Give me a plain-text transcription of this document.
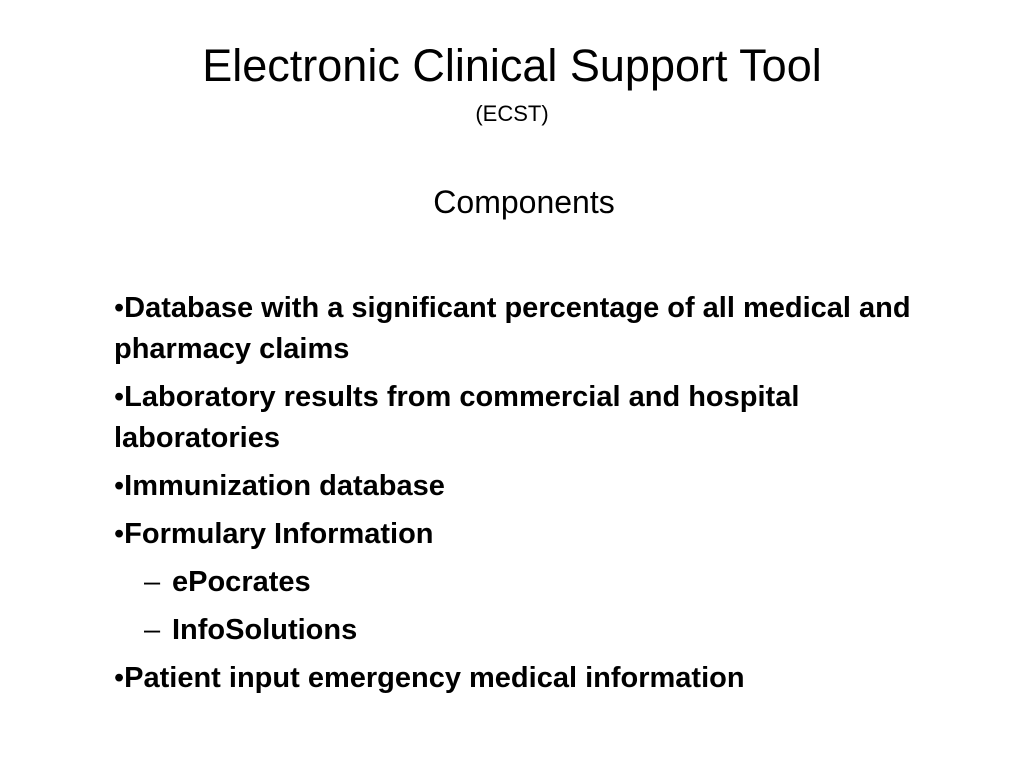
Electronic Clinical Support Tool
(ECST)
Components
•Database with a significant percentage of all medical and pharmacy claims
•Laboratory results from commercial and hospital laboratories
•Immunization database
•Formulary Information
– ePocrates
– InfoSolutions
•Patient input emergency medical information
